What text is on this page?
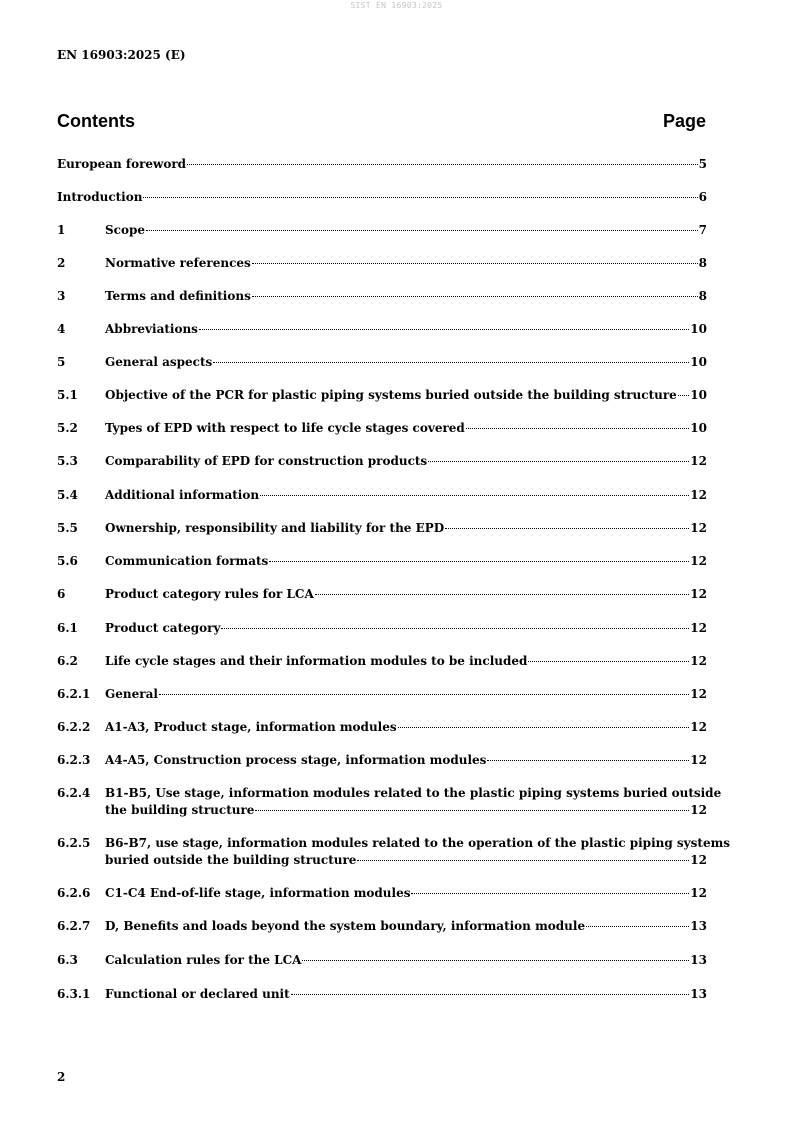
SIST EN 16903:2025
EN 16903:2025 (E)
Contents	Page
European foreword	5
Introduction	6
1	Scope	7
2	Normative references	8
3	Terms and definitions	8
4	Abbreviations	10
5	General aspects	10
5.1 Objective of the PCR for plastic piping systems buried outside the building structure 10
5.2 Types of EPD with respect to life cycle stages covered	10
5.3 Comparability of EPD for construction products	12
5.4 Additional information	12
5.5 Ownership, responsibility and liability for the EPD	12
5.6 Communication formats	12
6	Product category rules for LCA	12
6.1 Product category	12
6.2 Life cycle stages and their information modules to be included	12
6.2.1 General	12
6.2.2 A1-A3, Product stage, information modules	12
6.2.3 A4-A5, Construction process stage, information modules	12
6.2.4 B1-B5, Use stage, information modules related to the plastic piping systems buried outside
the building structure	12
6.2.5 B6-B7, use stage, information modules related to the operation of the plastic piping systems
buried outside the building structure	12
6.2.6 C1-C4 End-of-life stage, information modules	12
6.2.7 D, Benefits and loads beyond the system boundary, information module	13
6.3 Calculation rules for the LCA	13
6.3.1 Functional or declared unit	13
2
